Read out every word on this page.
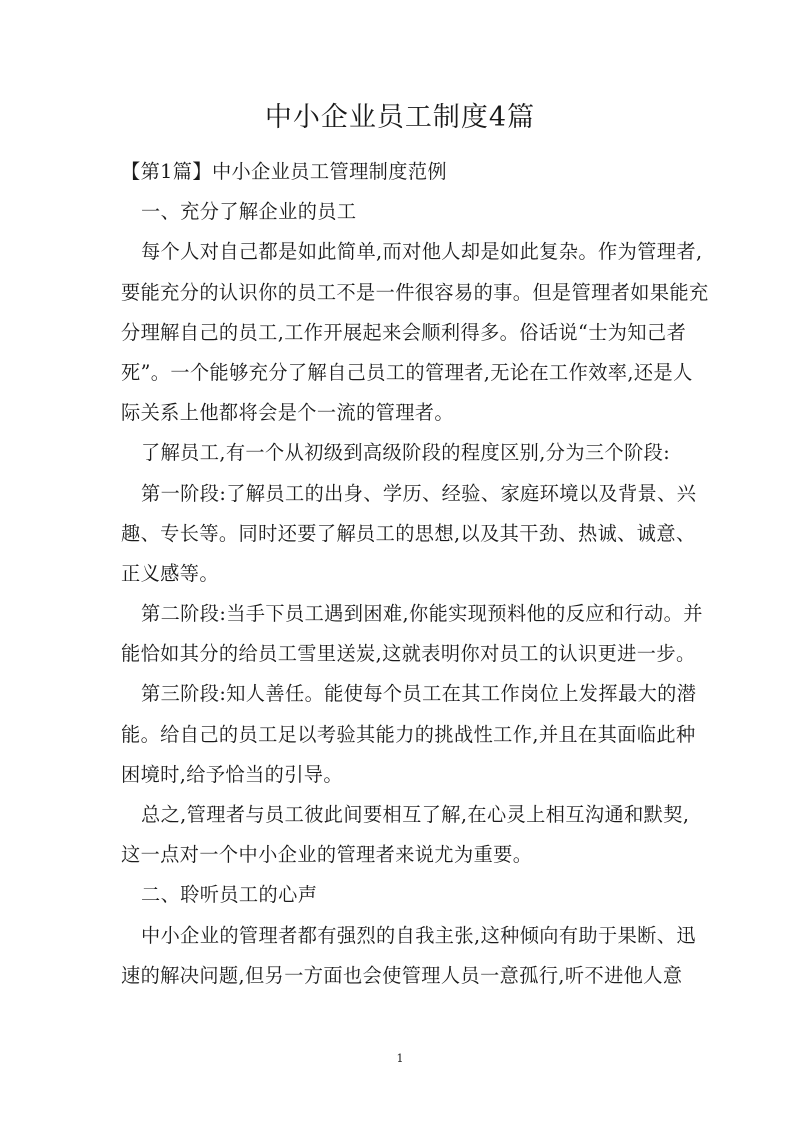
中小企业员工制度4篇

【第1篇】中小企业员工管理制度范例

一、充分了解企业的员工

每个人对自己都是如此简单,而对他人却是如此复杂。作为管理者,

要能充分的认识你的员工不是一件很容易的事。但是管理者如果能充

分理解自己的员工,工作开展起来会顺利得多。俗话说“士为知己者

死”。一个能够充分了解自己员工的管理者,无论在工作效率,还是人

际关系上他都将会是个一流的管理者。

了解员工,有一个从初级到高级阶段的程度区别,分为三个阶段:

第一阶段:了解员工的出身、学历、经验、家庭环境以及背景、兴

趣、专长等。同时还要了解员工的思想,以及其干劲、热诚、诚意、

正义感等。

第二阶段:当手下员工遇到困难,你能实现预料他的反应和行动。并

能恰如其分的给员工雪里送炭,这就表明你对员工的认识更进一步。

第三阶段:知人善任。能使每个员工在其工作岗位上发挥最大的潜

能。给自己的员工足以考验其能力的挑战性工作,并且在其面临此种

困境时,给予恰当的引导。

总之,管理者与员工彼此间要相互了解,在心灵上相互沟通和默契,

这一点对一个中小企业的管理者来说尤为重要。

二、聆听员工的心声

中小企业的管理者都有强烈的自我主张,这种倾向有助于果断、迅

速的解决问题,但另一方面也会使管理人员一意孤行,听不进他人意

1
